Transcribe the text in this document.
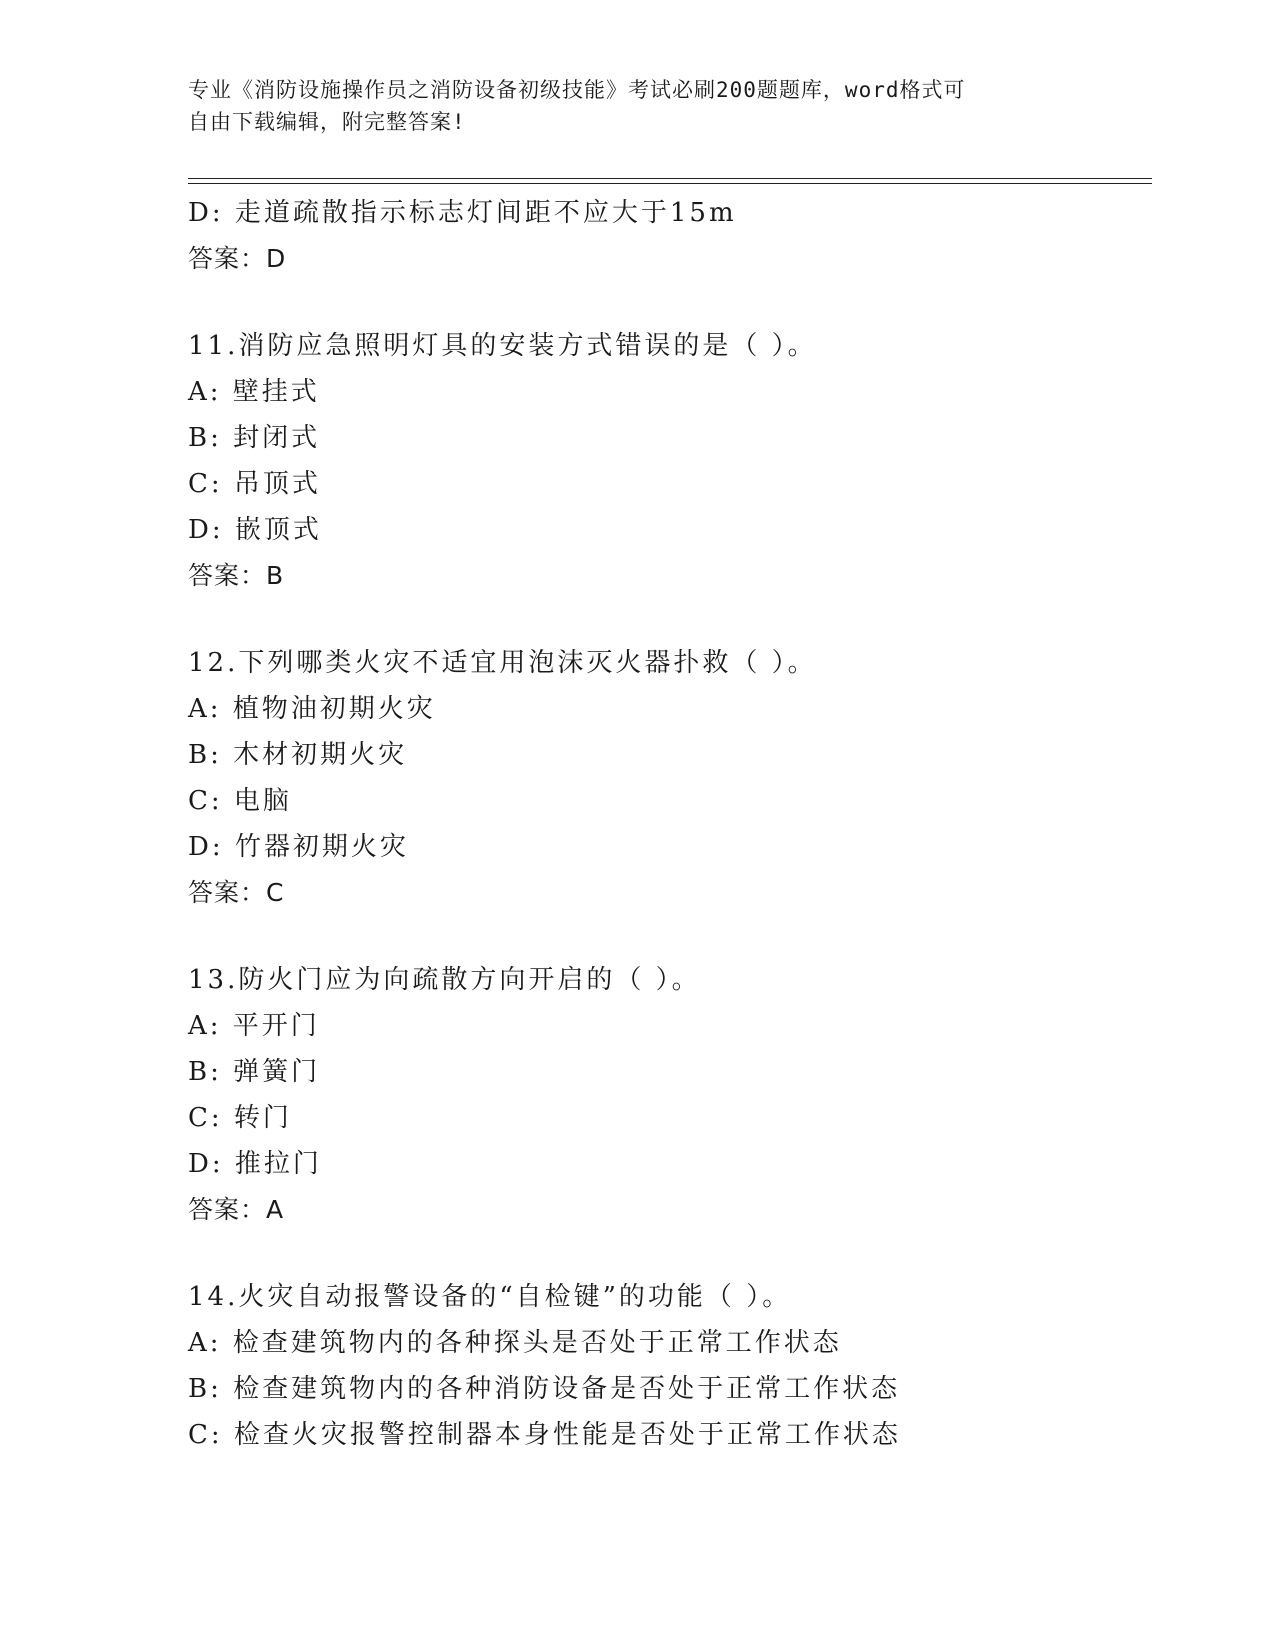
专业《消防设施操作员之消防设备初级技能》考试必刷200题题库，word格式可
自由下载编辑，附完整答案!
D: 走道疏散指示标志灯间距不应大于15m
答案：D
11.消防应急照明灯具的安装方式错误的是（ ）。
A: 壁挂式
B: 封闭式
C: 吊顶式
D: 嵌顶式
答案：B
12.下列哪类火灾不适宜用泡沫灭火器扑救（ ）。
A: 植物油初期火灾
B: 木材初期火灾
C: 电脑
D: 竹器初期火灾
答案：C
13.防火门应为向疏散方向开启的（ ）。
A: 平开门
B: 弹簧门
C: 转门
D: 推拉门
答案：A
14.火灾自动报警设备的“自检键”的功能（ ）。
A: 检查建筑物内的各种探头是否处于正常工作状态
B: 检查建筑物内的各种消防设备是否处于正常工作状态
C: 检查火灾报警控制器本身性能是否处于正常工作状态
